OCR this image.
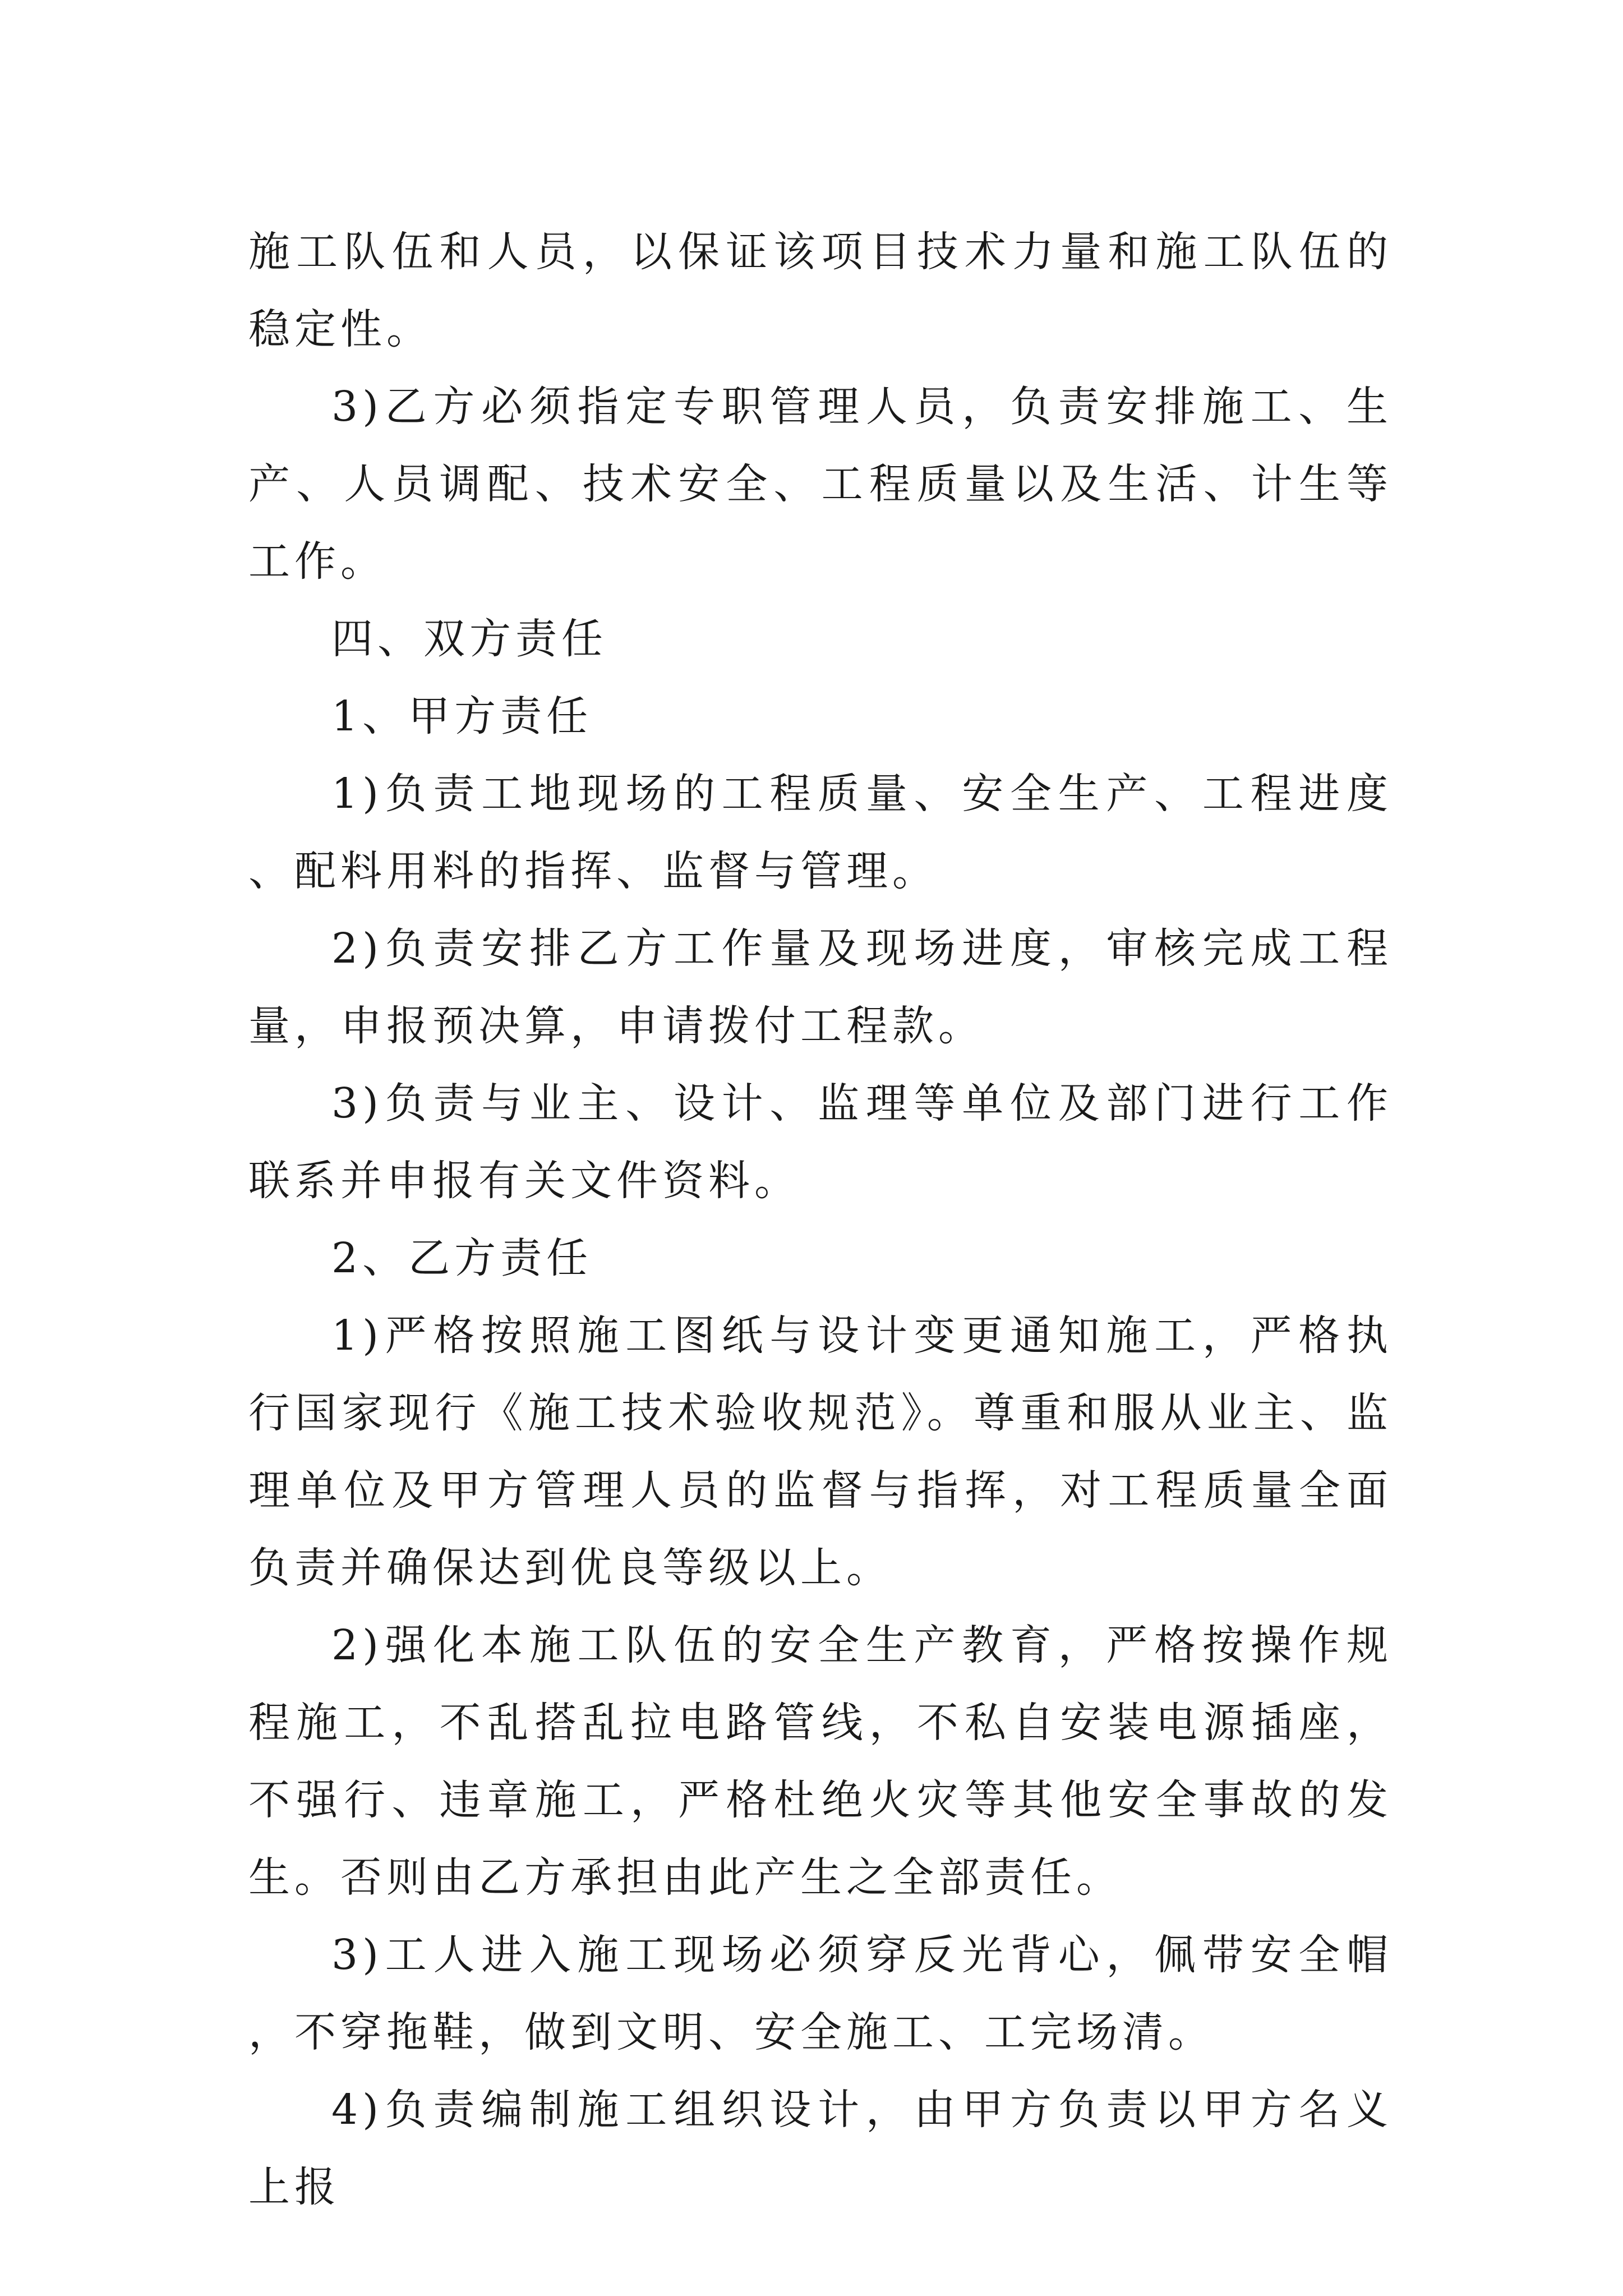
施工队伍和人员，以保证该项目技术力量和施工队伍的稳定性。

3)乙方必须指定专职管理人员，负责安排施工、生产、人员调配、技术安全、工程质量以及生活、计生等工作。

四、双方责任

1、甲方责任

1)负责工地现场的工程质量、安全生产、工程进度、配料用料的指挥、监督与管理。

2)负责安排乙方工作量及现场进度，审核完成工程量，申报预决算，申请拨付工程款。

3)负责与业主、设计、监理等单位及部门进行工作联系并申报有关文件资料。

2、乙方责任

1)严格按照施工图纸与设计变更通知施工，严格执行国家现行《施工技术验收规范》。尊重和服从业主、监理单位及甲方管理人员的监督与指挥，对工程质量全面负责并确保达到优良等级以上。

2)强化本施工队伍的安全生产教育，严格按操作规程施工，不乱搭乱拉电路管线，不私自安装电源插座，不强行、违章施工，严格杜绝火灾等其他安全事故的发生。否则由乙方承担由此产生之全部责任。

3)工人进入施工现场必须穿反光背心，佩带安全帽，不穿拖鞋，做到文明、安全施工、工完场清。

4)负责编制施工组织设计，由甲方负责以甲方名义上报
